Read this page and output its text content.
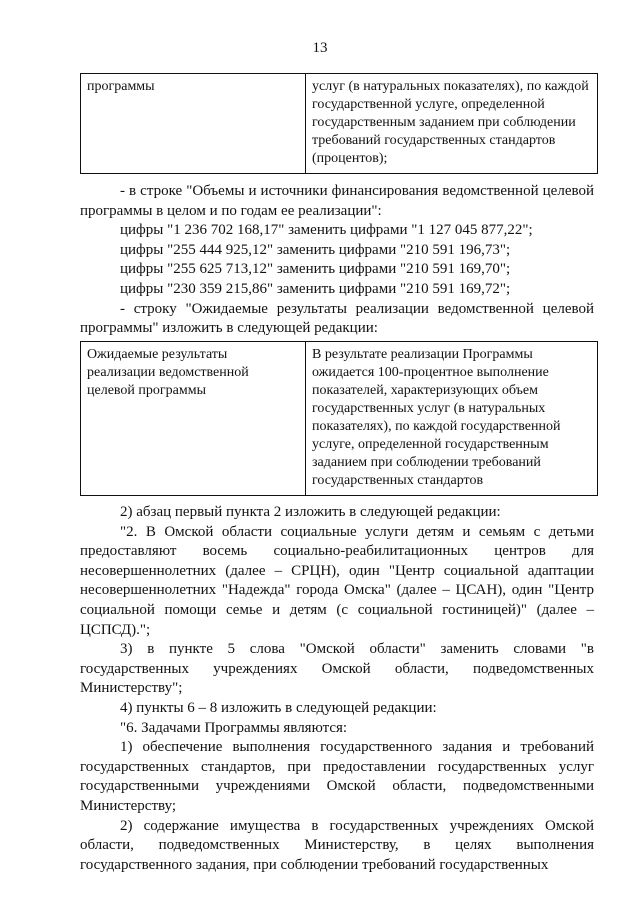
13
программы	услуг (в натуральных показателях), по каждой государственной услуге, определенной государственным заданием при соблюдении требований государственных стандартов (процентов);

- в строке "Объемы и источники финансирования ведомственной целевой программы в целом и по годам ее реализации":

цифры "1 236 702 168,17" заменить цифрами "1 127 045 877,22";

цифры "255 444 925,12" заменить цифрами "210 591 196,73";

цифры "255 625 713,12" заменить цифрами "210 591 169,70";

цифры "230 359 215,86" заменить цифрами "210 591 169,72";

- строку "Ожидаемые результаты реализации ведомственной целевой программы" изложить в следующей редакции:

Ожидаемые результаты реализации ведомственной целевой программы	В результате реализации Программы ожидается 100-процентное выполнение показателей, характеризующих объем государственных услуг (в натуральных показателях), по каждой государственной услуге, определенной государственным заданием при соблюдении требований государственных стандартов

2) абзац первый пункта 2 изложить в следующей редакции:

"2. В Омской области социальные услуги детям и семьям с детьми предоставляют восемь социально-реабилитационных центров для несовершеннолетних (далее – СРЦН), один "Центр социальной адаптации несовершеннолетних "Надежда" города Омска" (далее – ЦСАН), один "Центр социальной помощи семье и детям (с социальной гостиницей)" (далее – ЦСПСД).";

3) в пункте 5 слова "Омской области" заменить словами "в государственных учреждениях Омской области, подведомственных Министерству";

4) пункты 6 – 8 изложить в следующей редакции:

"6. Задачами Программы являются:

1) обеспечение выполнения государственного задания и требований государственных стандартов, при предоставлении государственных услуг государственными учреждениями Омской области, подведомственными Министерству;

2) содержание имущества в государственных учреждениях Омской области, подведомственных Министерству, в целях выполнения государственного задания, при соблюдении требований государственных
